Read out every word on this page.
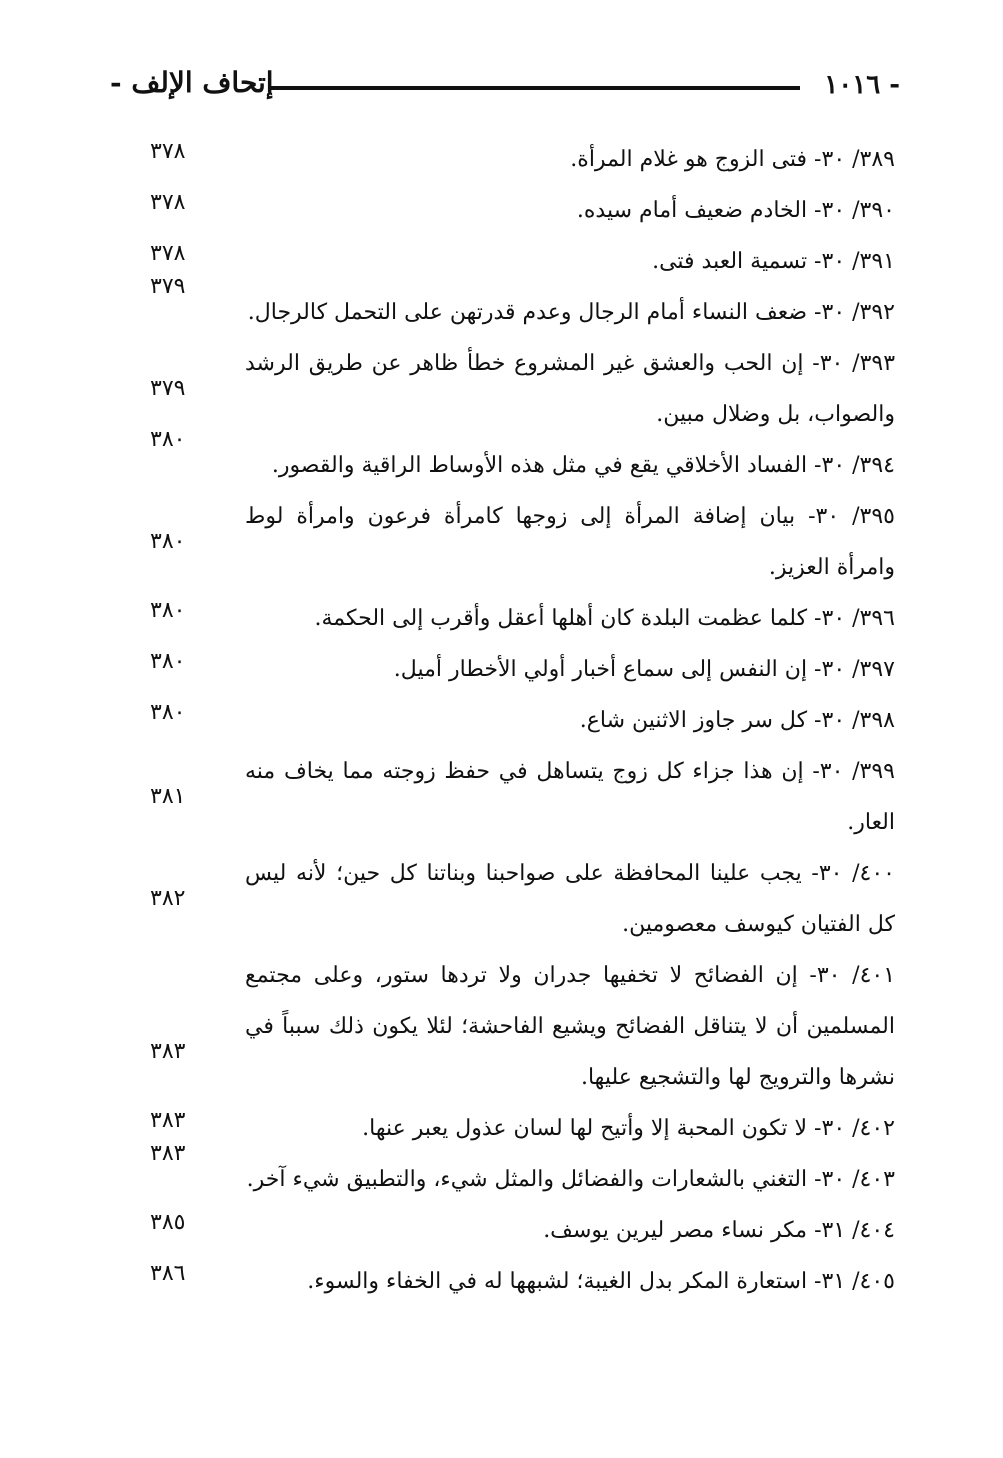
- ١٠١٦
إتحاف الإلف -
٣٨٩/ ٣٠- فتى الزوج هو غلام المرأة.
٣٧٨
٣٩٠/ ٣٠- الخادم ضعيف أمام سيده.
٣٧٨
٣٩١/ ٣٠- تسمية العبد فتى.
٣٧٨
٣٩٢/ ٣٠- ضعف النساء أمام الرجال وعدم قدرتهن على التحمل كالرجال.
٣٧٩
٣٩٣/ ٣٠- إن الحب والعشق غير المشروع خطأ ظاهر عن طريق الرشد والصواب، بل وضلال مبين.
٣٧٩
٣٩٤/ ٣٠- الفساد الأخلاقي يقع في مثل هذه الأوساط الراقية والقصور.
٣٨٠
٣٩٥/ ٣٠- بيان إضافة المرأة إلى زوجها كامرأة فرعون وامرأة لوط وامرأة العزيز.
٣٨٠
٣٩٦/ ٣٠- كلما عظمت البلدة كان أهلها أعقل وأقرب إلى الحكمة.
٣٨٠
٣٩٧/ ٣٠- إن النفس إلى سماع أخبار أولي الأخطار أميل.
٣٨٠
٣٩٨/ ٣٠- كل سر جاوز الاثنين شاع.
٣٨٠
٣٩٩/ ٣٠- إن هذا جزاء كل زوج يتساهل في حفظ زوجته مما يخاف منه العار.
٣٨١
٤٠٠/ ٣٠- يجب علينا المحافظة على صواحبنا وبناتنا كل حين؛ لأنه ليس كل الفتيان كيوسف معصومين.
٣٨٢
٤٠١/ ٣٠- إن الفضائح لا تخفيها جدران ولا تردها ستور، وعلى مجتمع المسلمين أن لا يتناقل الفضائح ويشيع الفاحشة؛ لئلا يكون ذلك سبباً في نشرها والترويج لها والتشجيع عليها.
٣٨٣
٤٠٢/ ٣٠- لا تكون المحبة إلا وأتيح لها لسان عذول يعبر عنها.
٣٨٣
٤٠٣/ ٣٠- التغني بالشعارات والفضائل والمثل شيء، والتطبيق شيء آخر.
٣٨٣
٤٠٤/ ٣١- مكر نساء مصر ليرين يوسف.
٣٨٥
٤٠٥/ ٣١- استعارة المكر بدل الغيبة؛ لشبهها له في الخفاء والسوء.
٣٨٦
